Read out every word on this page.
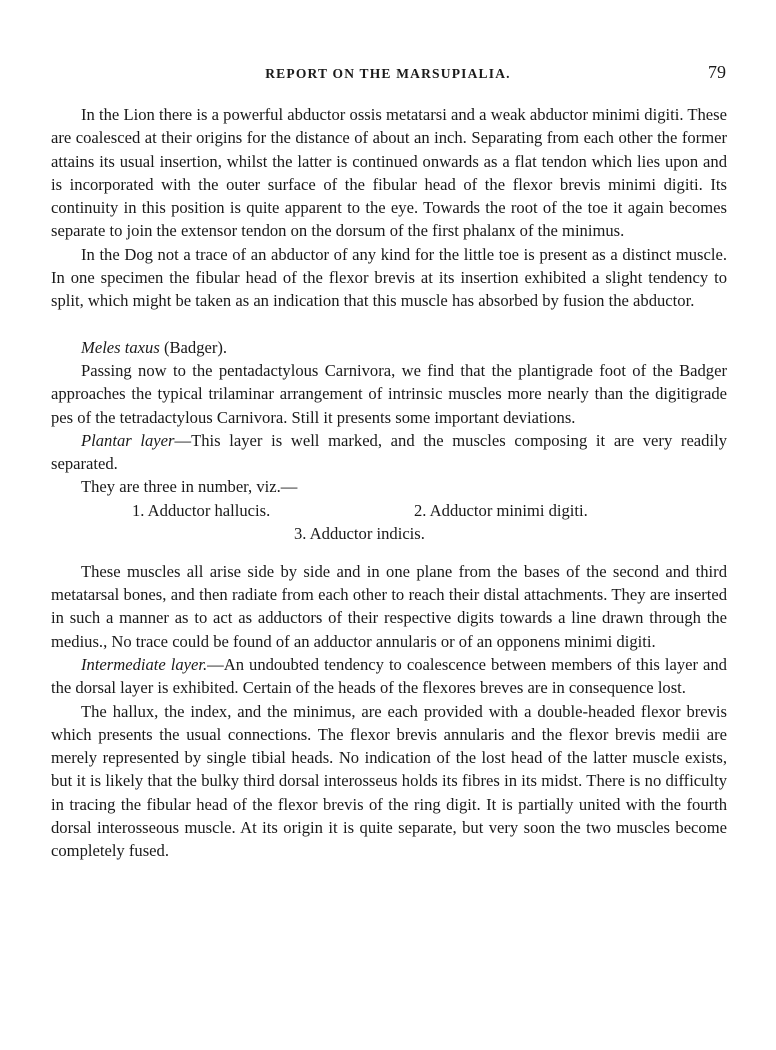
REPORT ON THE MARSUPIALIA.	79

In the Lion there is a powerful abductor ossis metatarsi and a weak abductor minimi digiti. These are coalesced at their origins for the distance of about an inch. Separating from each other the former attains its usual insertion, whilst the latter is continued onwards as a flat tendon which lies upon and is incorporated with the outer surface of the fibular head of the flexor brevis minimi digiti. Its continuity in this position is quite apparent to the eye. Towards the root of the toe it again becomes separate to join the extensor tendon on the dorsum of the first phalanx of the minimus.

In the Dog not a trace of an abductor of any kind for the little toe is present as a distinct muscle. In one specimen the fibular head of the flexor brevis at its insertion exhibited a slight tendency to split, which might be taken as an indication that this muscle has absorbed by fusion the abductor.

Meles taxus (Badger).

Passing now to the pentadactylous Carnivora, we find that the plantigrade foot of the Badger approaches the typical trilaminar arrangement of intrinsic muscles more nearly than the digitigrade pes of the tetradactylous Carnivora. Still it presents some important deviations.

Plantar layer—This layer is well marked, and the muscles composing it are very readily separated.

They are three in number, viz.—

1. Adductor hallucis.	2. Adductor minimi digiti.
3. Adductor indicis.

These muscles all arise side by side and in one plane from the bases of the second and third metatarsal bones, and then radiate from each other to reach their distal attachments. They are inserted in such a manner as to act as adductors of their respective digits towards a line drawn through the medius., No trace could be found of an adductor annularis or of an opponens minimi digiti.

Intermediate layer.—An undoubted tendency to coalescence between members of this layer and the dorsal layer is exhibited. Certain of the heads of the flexores breves are in consequence lost.

The hallux, the index, and the minimus, are each provided with a double-headed flexor brevis which presents the usual connections. The flexor brevis annularis and the flexor brevis medii are merely represented by single tibial heads. No indication of the lost head of the latter muscle exists, but it is likely that the bulky third dorsal interosseus holds its fibres in its midst. There is no difficulty in tracing the fibular head of the flexor brevis of the ring digit. It is partially united with the fourth dorsal interosseous muscle. At its origin it is quite separate, but very soon the two muscles become completely fused.
